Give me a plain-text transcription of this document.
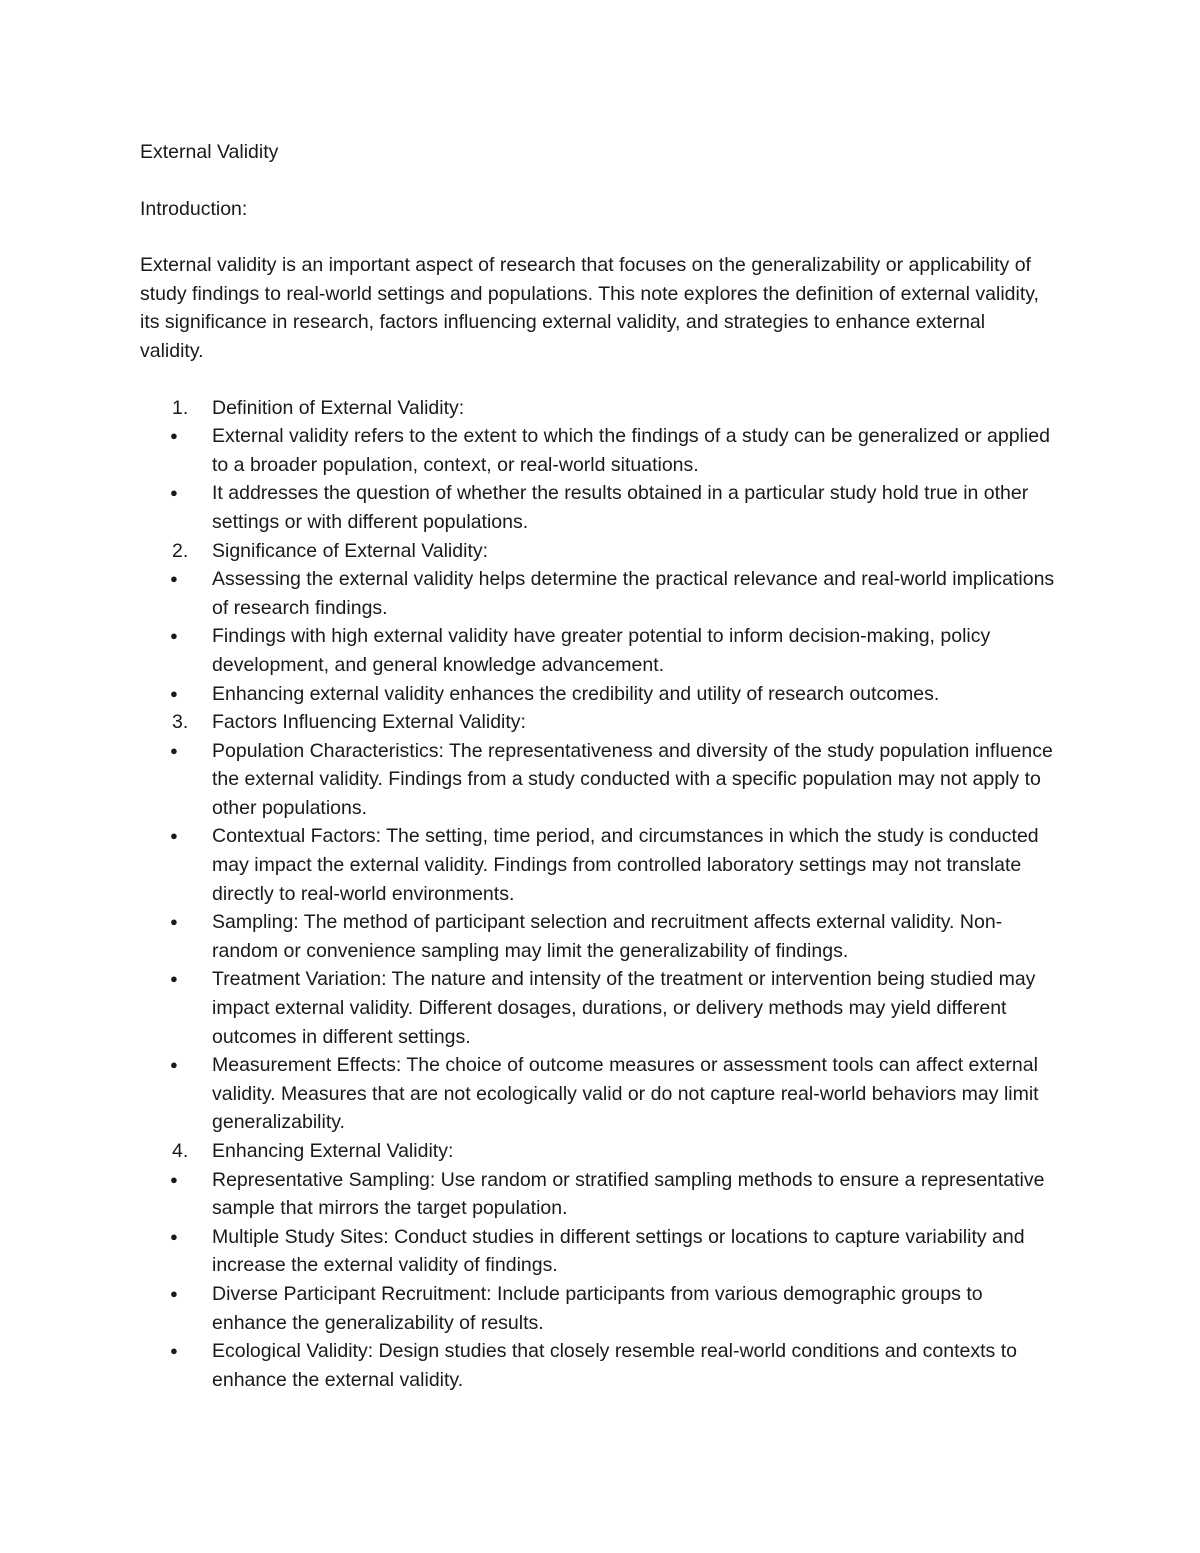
External Validity

Introduction:

External validity is an important aspect of research that focuses on the generalizability or applicability of study findings to real-world settings and populations. This note explores the definition of external validity, its significance in research, factors influencing external validity, and strategies to enhance external validity.

1.	Definition of External Validity:
●	External validity refers to the extent to which the findings of a study can be generalized or applied to a broader population, context, or real-world situations.
●	It addresses the question of whether the results obtained in a particular study hold true in other settings or with different populations.
2.	Significance of External Validity:
●	Assessing the external validity helps determine the practical relevance and real-world implications of research findings.
●	Findings with high external validity have greater potential to inform decision-making, policy development, and general knowledge advancement.
●	Enhancing external validity enhances the credibility and utility of research outcomes.
3.	Factors Influencing External Validity:
●	Population Characteristics: The representativeness and diversity of the study population influence the external validity. Findings from a study conducted with a specific population may not apply to other populations.
●	Contextual Factors: The setting, time period, and circumstances in which the study is conducted may impact the external validity. Findings from controlled laboratory settings may not translate directly to real-world environments.
●	Sampling: The method of participant selection and recruitment affects external validity. Non-random or convenience sampling may limit the generalizability of findings.
●	Treatment Variation: The nature and intensity of the treatment or intervention being studied may impact external validity. Different dosages, durations, or delivery methods may yield different outcomes in different settings.
●	Measurement Effects: The choice of outcome measures or assessment tools can affect external validity. Measures that are not ecologically valid or do not capture real-world behaviors may limit generalizability.
4.	Enhancing External Validity:
●	Representative Sampling: Use random or stratified sampling methods to ensure a representative sample that mirrors the target population.
●	Multiple Study Sites: Conduct studies in different settings or locations to capture variability and increase the external validity of findings.
●	Diverse Participant Recruitment: Include participants from various demographic groups to enhance the generalizability of results.
●	Ecological Validity: Design studies that closely resemble real-world conditions and contexts to enhance the external validity.
